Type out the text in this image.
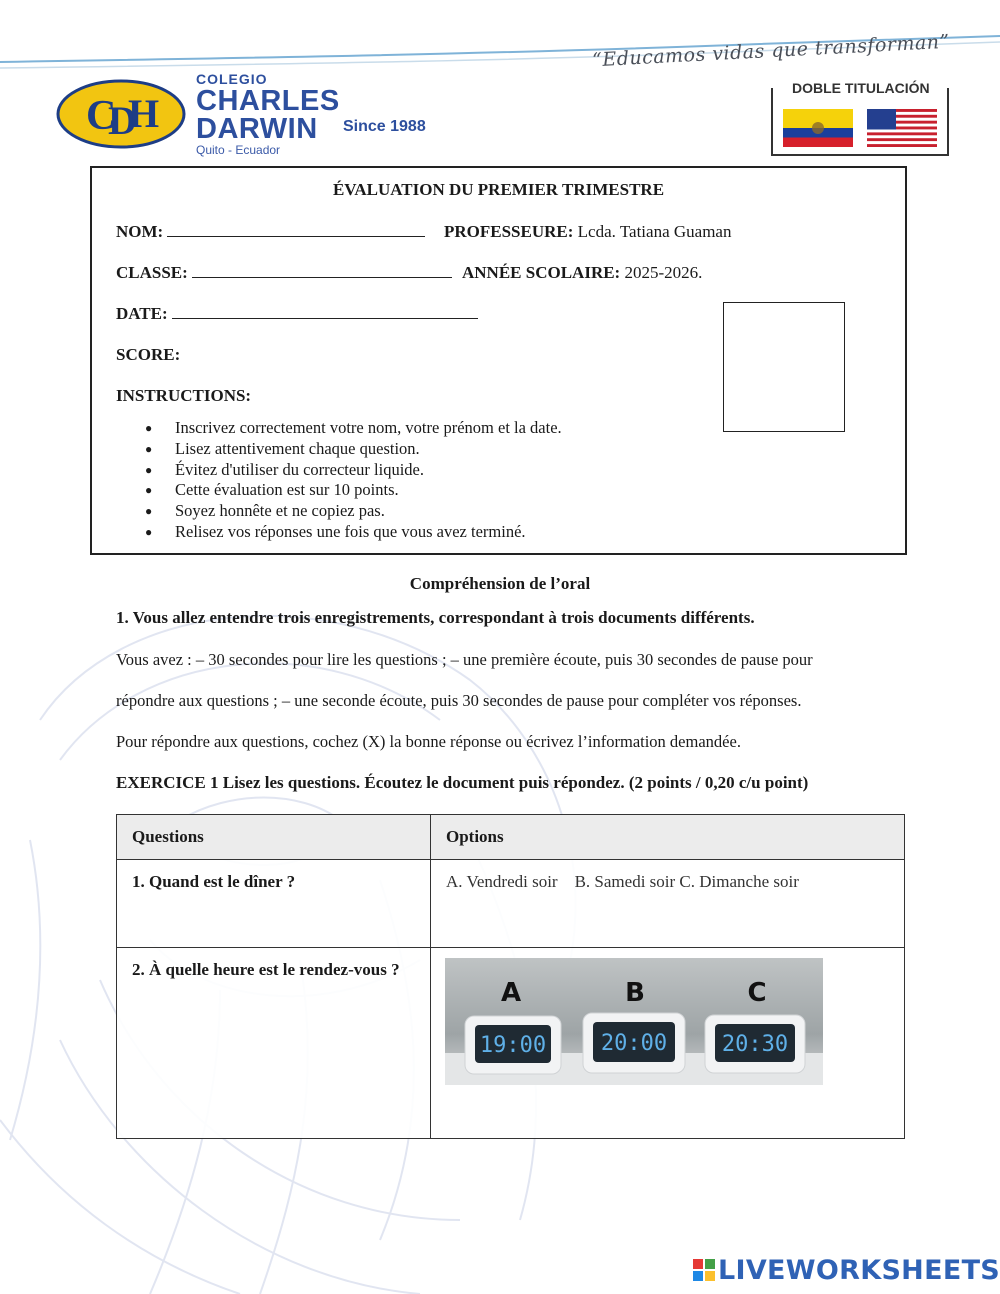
“Educamos vidas que transforman”
C
D
H
COLEGIO
CHARLES
DARWIN
Quito - Ecuador
Since 1988
DOBLE TITULACIÓN
ÉVALUATION DU PREMIER TRIMESTRE
NOM:	PROFESSEURE: Lcda. Tatiana Guaman
CLASSE:	ANNÉE SCOLAIRE: 2025-2026.
DATE:
SCORE:
INSTRUCTIONS:
● Inscrivez correctement votre nom, votre prénom et la date.
● Lisez attentivement chaque question.
● Évitez d'utiliser du correcteur liquide.
● Cette évaluation est sur 10 points.
● Soyez honnête et ne copiez pas.
● Relisez vos réponses une fois que vous avez terminé.
Compréhension de l’oral
1. Vous allez entendre trois enregistrements, correspondant à trois documents différents.
Vous avez : – 30 secondes pour lire les questions ; – une première écoute, puis 30 secondes de pause pour
répondre aux questions ; – une seconde écoute, puis 30 secondes de pause pour compléter vos réponses.
Pour répondre aux questions, cochez (X) la bonne réponse ou écrivez l’information demandée.
EXERCICE 1 Lisez les questions. Écoutez le document puis répondez. (2 points / 0,20 c/u point)
Questions	Options
1. Quand est le dîner ?	A. Vendredi soir    B. Samedi soir C. Dimanche soir
2. À quelle heure est le rendez-vous ?
19:00
A
20:00
B
20:30
C
LIVEWORKSHEETS
